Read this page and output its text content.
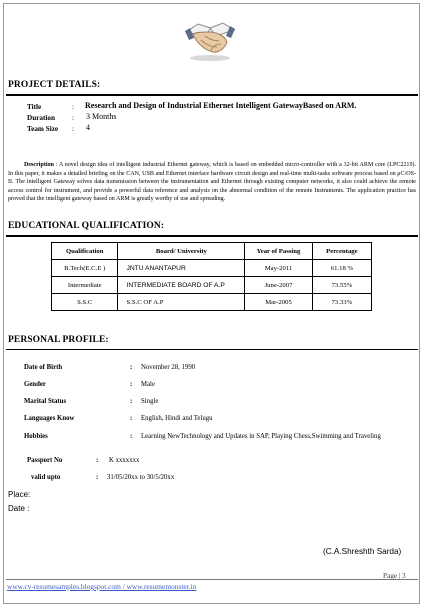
PROJECT DETAILS:
Title	: Research and Design of Industrial Ethernet Intelligent GatewayBased on ARM.
Duration : 3 Months
Team Size : 4
Description : A novel design idea of intelligent industrial Ethernet gateway, which is based on embedded micro-controller with a 32-bit ARM core (LPC2219). In this paper, it makes a detailed briefing on the CAN, USB and Ethernet interface hardware circuit design and real-time multi-tasks software process based on μC/OS-II. The intelligent Gateway solves data transmission between the instrumentation and Ethernet through existing computer networks, it also could achieve the remote access control for instrument, and provide a powerful data reference and analysis on the abnormal condition of the remote Instruments. The application practice has proved that the intelligent gateway based on ARM is greatly worthy of use and spreading.
EDUCATIONAL QUALIFICATION:
Qualification	Board/ University	Year of Passing	Percentage
B.Tech(E.C.E )	JNTU ANANTAPUR	May-2011	61.18 %
Intermediate	INTERMEDIATE BOARD OF A.P	June-2007	73.55%
S.S.C	S.S.C OF A.P	Mar-2005	73.33%
PERSONAL PROFILE:
Date of Birth	: November 28, 1990
Gender	: Male
Marital Status	: Single
Languages Know	: English, Hindi and Telugu
Hobbies	: Learning NewTechnology and Updates in SAP, Playing Chess,Swimming and Traveling
Passport No	: K xxxxxxx
valid upto	: 31/05/20xx to 30/5/20xx
Place:
Date :
(C.A.Shreshth Sarda)
Page | 3
www.cv-resumesamples.blogspot.com / www.resumemonster.in
